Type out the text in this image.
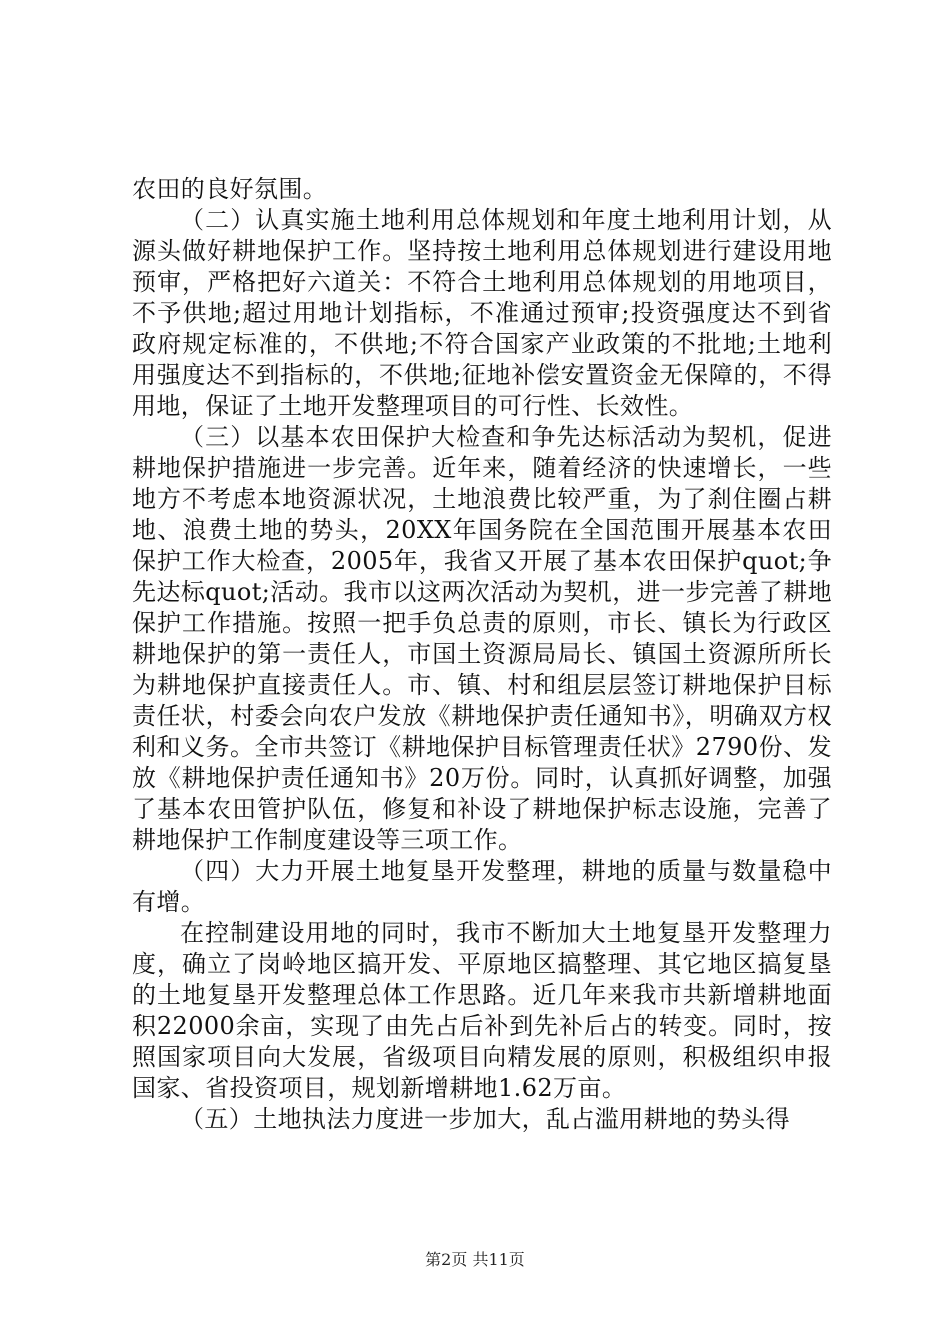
农田的良好氛围。

（二）认真实施土地利用总体规划和年度土地利用计划，从源头做好耕地保护工作。坚持按土地利用总体规划进行建设用地预审，严格把好六道关：不符合土地利用总体规划的用地项目，不予供地;超过用地计划指标，不准通过预审;投资强度达不到省政府规定标准的，不供地;不符合国家产业政策的不批地;土地利用强度达不到指标的，不供地;征地补偿安置资金无保障的，不得用地，保证了土地开发整理项目的可行性、长效性。

（三）以基本农田保护大检查和争先达标活动为契机，促进耕地保护措施进一步完善。近年来，随着经济的快速增长，一些地方不考虑本地资源状况，土地浪费比较严重，为了刹住圈占耕地、浪费土地的势头，20XX年国务院在全国范围开展基本农田保护工作大检查，2005年，我省又开展了基本农田保护quot;争先达标quot;活动。我市以这两次活动为契机，进一步完善了耕地保护工作措施。按照一把手负总责的原则，市长、镇长为行政区耕地保护的第一责任人，市国土资源局局长、镇国土资源所所长为耕地保护直接责任人。市、镇、村和组层层签订耕地保护目标责任状，村委会向农户发放《耕地保护责任通知书》，明确双方权利和义务。全市共签订《耕地保护目标管理责任状》2790份、发放《耕地保护责任通知书》20万份。同时，认真抓好调整，加强了基本农田管护队伍，修复和补设了耕地保护标志设施，完善了耕地保护工作制度建设等三项工作。

（四）大力开展土地复垦开发整理，耕地的质量与数量稳中有增。

在控制建设用地的同时，我市不断加大土地复垦开发整理力度，确立了岗岭地区搞开发、平原地区搞整理、其它地区搞复垦的土地复垦开发整理总体工作思路。近几年来我市共新增耕地面积22000余亩，实现了由先占后补到先补后占的转变。同时，按照国家项目向大发展，省级项目向精发展的原则，积极组织申报国家、省投资项目，规划新增耕地1.62万亩。

（五）土地执法力度进一步加大，乱占滥用耕地的势头得

第2页 共11页
